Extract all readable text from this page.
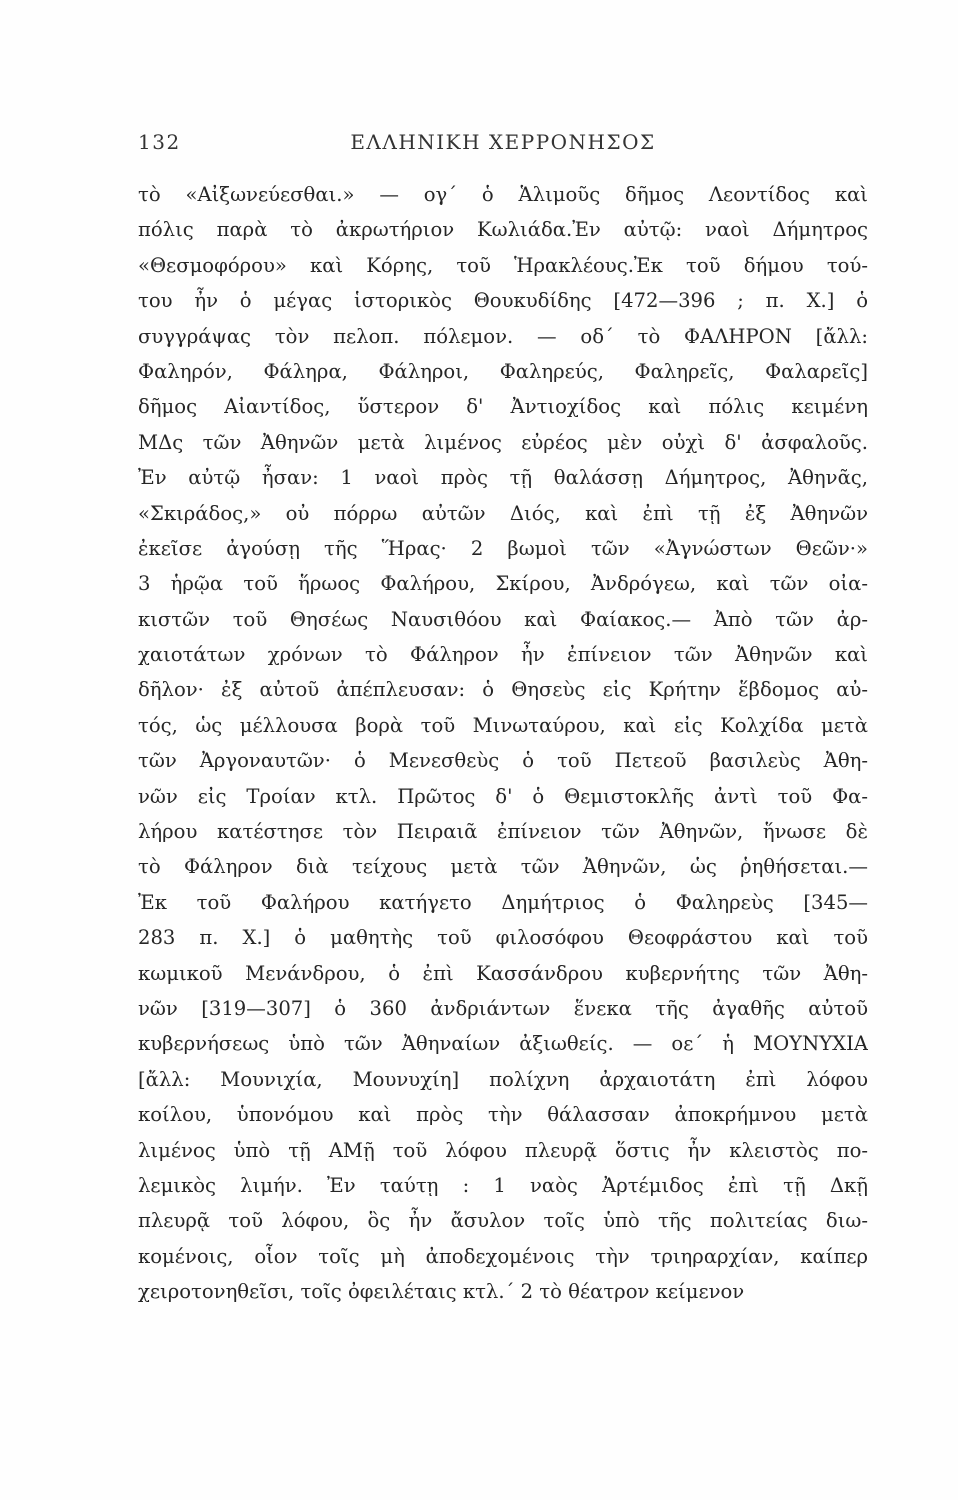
132	ΕΛΛΗΝΙΚΗ ΧΕΡΡΟΝΗΣΟΣ
τὸ «Αἰξωνεύεσθαι.» — ογ΄ ὁ Ἁλιμοῦς δῆμος Λεοντίδος καὶ
πόλις παρὰ τὸ ἀκρωτήριον Κωλιάδα.Ἐν αὐτῷ: ναοὶ Δήμητρος
«Θεσμοφόρου» καὶ Κόρης, τοῦ Ἡρακλέους.Ἐκ τοῦ δήμου τού-
του ἦν ὁ μέγας ἱστορικὸς Θουκυδίδης [472—396 ; π. Χ.] ὁ
συγγράψας τὸν πελοπ. πόλεμον. — οδ΄ τὸ ΦΑΛΗΡΟΝ [ἄλλ:
Φαληρόν, Φάληρα, Φάληροι, Φαληρεύς, Φαληρεῖς, Φαλαρεῖς]
δῆμος Αἰαντίδος, ὕστερον δ' Ἀντιοχίδος καὶ πόλις κειμένη
ΜΔς τῶν Ἀθηνῶν μετὰ λιμένος εὐρέος μὲν οὐχὶ δ' ἀσφαλοῦς.
Ἐν αὐτῷ ἦσαν: 1 ναοὶ πρὸς τῇ θαλάσσῃ Δήμητρος, Ἀθηνᾶς,
«Σκιράδος,» οὐ πόρρω αὐτῶν Διός, καὶ ἐπὶ τῇ ἐξ Ἀθηνῶν
ἐκεῖσε ἀγούσῃ τῆς Ἥρας· 2 βωμοὶ τῶν «Ἀγνώστων Θεῶν·»
3 ἡρῷα τοῦ ἥρωος Φαλήρου, Σκίρου, Ἀνδρόγεω, καὶ τῶν οἰα-
κιστῶν τοῦ Θησέως Ναυσιθόου καὶ Φαίακος.— Ἀπὸ τῶν ἀρ-
χαιοτάτων χρόνων τὸ Φάληρον ἦν ἐπίνειον τῶν Ἀθηνῶν καὶ
δῆλον· ἐξ αὐτοῦ ἀπέπλευσαν: ὁ Θησεὺς εἰς Κρήτην ἕβδομος αὐ-
τός, ὡς μέλλουσα βορὰ τοῦ Μινωταύρου, καὶ εἰς Κολχίδα μετὰ
τῶν Ἀργοναυτῶν· ὁ Μενεσθεὺς ὁ τοῦ Πετεοῦ βασιλεὺς Ἀθη-
νῶν εἰς Τροίαν κτλ. Πρῶτος δ' ὁ Θεμιστοκλῆς ἀντὶ τοῦ Φα-
λήρου κατέστησε τὸν Πειραιᾶ ἐπίνειον τῶν Ἀθηνῶν, ἥνωσε δὲ
τὸ Φάληρον διὰ τείχους μετὰ τῶν Ἀθηνῶν, ὡς ῥηθήσεται.—
Ἐκ τοῦ Φαλήρου κατήγετο Δημήτριος ὁ Φαληρεὺς [345—
283 π. Χ.] ὁ μαθητὴς τοῦ φιλοσόφου Θεοφράστου καὶ τοῦ
κωμικοῦ Μενάνδρου, ὁ ἐπὶ Κασσάνδρου κυβερνήτης τῶν Ἀθη-
νῶν [319—307] ὁ 360 ἀνδριάντων ἕνεκα τῆς ἀγαθῆς αὐτοῦ
κυβερνήσεως ὑπὸ τῶν Ἀθηναίων ἀξιωθείς. — οε΄ ἡ ΜΟΥΝΥΧΙΑ
[ἄλλ: Μουνιχία, Μουνυχίη] πολίχνη ἀρχαιοτάτη ἐπὶ λόφου
κοίλου, ὑπονόμου καὶ πρὸς τὴν θάλασσαν ἀποκρήμνου μετὰ
λιμένος ὑπὸ τῇ ΑΜῇ τοῦ λόφου πλευρᾷ ὅστις ἦν κλειστὸς πο-
λεμικὸς λιμήν. Ἐν ταύτῃ : 1 ναὸς Ἀρτέμιδος ἐπὶ τῇ Δκῇ
πλευρᾷ τοῦ λόφου, ὃς ἦν ἄσυλον τοῖς ὑπὸ τῆς πολιτείας διω-
κομένοις, οἷον τοῖς μὴ ἀποδεχομένοις τὴν τριηραρχίαν, καίπερ
χειροτονηθεῖσι, τοῖς ὀφειλέταις κτλ.΄ 2 τὸ θέατρον κείμενον
